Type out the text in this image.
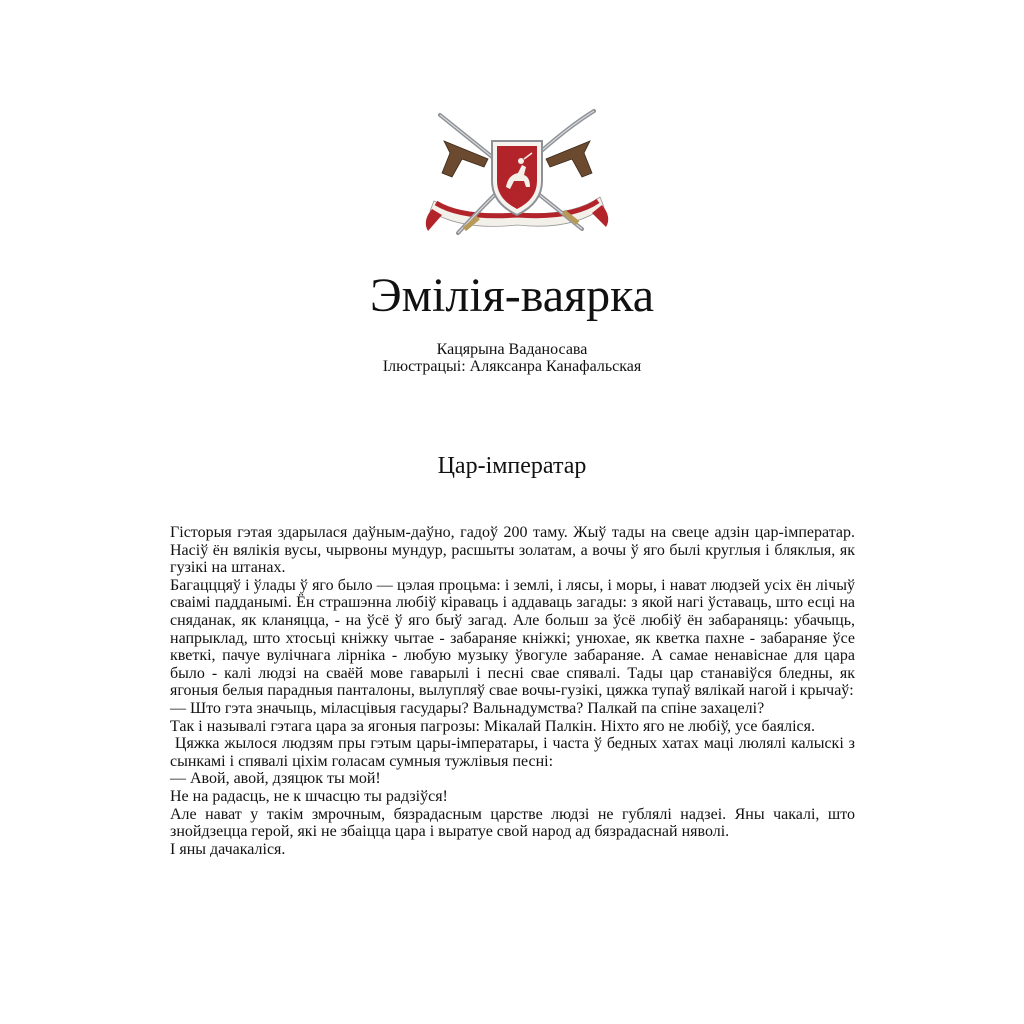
Эмілія-ваярка
Кацярына Ваданосава
Ілюстрацыі: Аляксанра Канафальская
Цар-імператар

Гісторыя гэтая здарылася даўным-даўно, гадоў 200 таму. Жыў тады на свеце адзін цар-імператар. Насіў ён вялікія вусы, чырвоны мундур, расшыты золатам, а вочы ў яго былі круглыя і бляклыя, як гузікі на штанах.

Багацццяў і ўлады ў яго было — цэлая процьма: і землі, і лясы, і моры, і нават людзей усіх ён лічыў сваімі падданымі. Ён страшэнна любіў кіраваць і аддаваць загады: з якой нагі ўставаць, што есці на сняданак, як кланяцца, - на ўсё ў яго быў загад. Але больш за ўсё любіў ён забараняць: убачыць, напрыклад, што хтосьці кніжку чытае - забараняе кніжкі; унюхае, як кветка пахне - забараняе ўсе кветкі, пачуе вулічнага лірніка - любую музыку ўвогуле забараняе. А самае ненавіснае для цара было - калі людзі на сваёй мове гаварылі і песні свае спявалі. Тады цар станавіўся бледны, як ягоныя белыя парадныя панталоны, вылупляў свае вочы-гузікі, цяжка тупаў вялікай нагой і крычаў:

— Што гэта значыць, міласцівыя гасудары? Вальнадумства? Палкай па спіне захацелі?

Так і называлі гэтага цара за ягоныя пагрозы: Мікалай Палкін. Ніхто яго не любіў, усе баяліся.

Цяжка жылося людзям пры гэтым цары-імператары, і часта ў бедных хатах маці люлялі калыскі з сынкамі і спявалі ціхім голасам сумныя тужлівыя песні:

— Авой, авой, дзяцюк ты мой!

Не на радасць, не к шчасцю ты радзіўся!

Але нават у такім змрочным, бязрадасным царстве людзі не гублялі надзеі. Яны чакалі, што знойдзецца герой, які не збаіцца цара і выратуе свой народ ад бязрадаснай няволі.

І яны дачакаліся.
